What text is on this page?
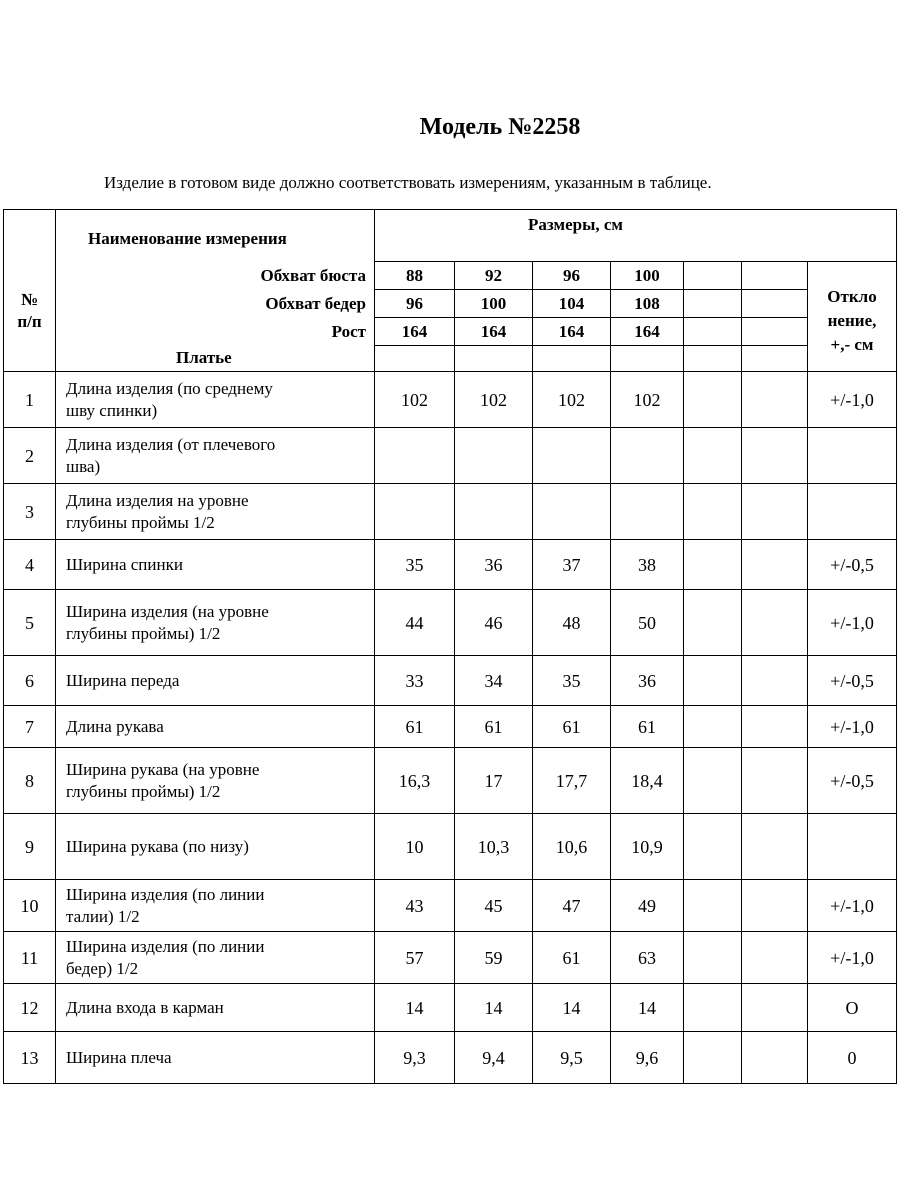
Модель №2258
Изделие в готовом виде должно соответствовать измерениям, указанным в таблице.
№
п/п	Наименование измерения	Размеры, см						
	Обхват бюста	88	92	96	100			Откло
нение,
+,- см

	Обхват бедер	96	100	104	108			
	Рост	164	164	164	164			
	Платье							
1	Длина изделия (по среднему
шву спинки)	102	102	102	102			+/-1,0
2	Длина изделия (от плечевого
шва)							

3	Длина изделия на уровне
глубины проймы 1/2							

4	Ширина спинки	35	36	37	38			+/-0,5
5	Ширина изделия (на уровне
глубины проймы) 1/2	44	46	48	50			+/-1,0
6	Ширина переда	33	34	35	36			+/-0,5
7	Длина рукава	61	61	61	61			+/-1,0
8	Ширина рукава (на уровне
глубины проймы) 1/2	16,3	17	17,7	18,4			+/-0,5
9	Ширина рукава (по низу)	10	10,3	10,6	10,9			
10	Ширина изделия (по линии
талии) 1/2	43	45	47	49			+/-1,0
11	Ширина изделия (по линии
бедер) 1/2	57	59	61	63			+/-1,0
12	Длина входа в карман	14	14	14	14			О
13	Ширина плеча	9,3	9,4	9,5	9,6			0
